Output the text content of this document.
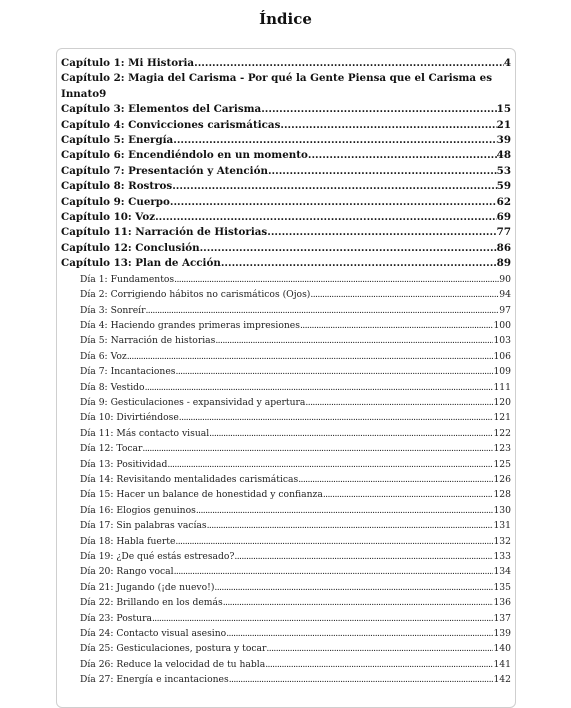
Índice
Capítulo 1: Mi Historia .....	4
Capítulo 2: Magia del Carisma - Por qué la Gente Piensa que el Carisma es
Innato 9
Capítulo 3: Elementos del Carisma .....	15
Capítulo 4: Convicciones carismáticas .....	21
Capítulo 5: Energía .....	39
Capítulo 6: Encendiéndolo en un momento .....	48
Capítulo 7: Presentación y Atención .....	53
Capítulo 8: Rostros .....	59
Capítulo 9: Cuerpo .....	62
Capítulo 10: Voz .....	69
Capítulo 11: Narración de Historias .....	77
Capítulo 12: Conclusión .....	86
Capítulo 13: Plan de Acción .....	89
Día 1: Fundamentos .....	90
Día 2: Corrigiendo hábitos no carismáticos (Ojos) .....	94
Día 3: Sonreír .....	97
Día 4: Haciendo grandes primeras impresiones .....	100
Día 5: Narración de historias .....	103
Día 6: Voz .....	106
Día 7: Incantaciones .....	109
Día 8: Vestido .....	111
Día 9: Gesticulaciones - expansividad y apertura .....	120
Día 10: Divirtiéndose .....	121
Día 11: Más contacto visual .....	122
Día 12: Tocar .....	123
Día 13: Positividad .....	125
Día 14: Revisitando mentalidades carismáticas .....	126
Día 15: Hacer un balance de honestidad y confianza .....	128
Día 16: Elogios genuinos .....	130
Día 17: Sin palabras vacías .....	131
Día 18: Habla fuerte .....	132
Día 19: ¿De qué estás estresado? .....	133
Día 20: Rango vocal .....	134
Día 21: Jugando (¡de nuevo!) .....	135
Día 22: Brillando en los demás .....	136
Día 23: Postura .....	137
Día 24: Contacto visual asesino .....	139
Día 25: Gesticulaciones, postura y tocar .....	140
Día 26: Reduce la velocidad de tu habla .....	141
Día 27: Energía e incantaciones .....	142
